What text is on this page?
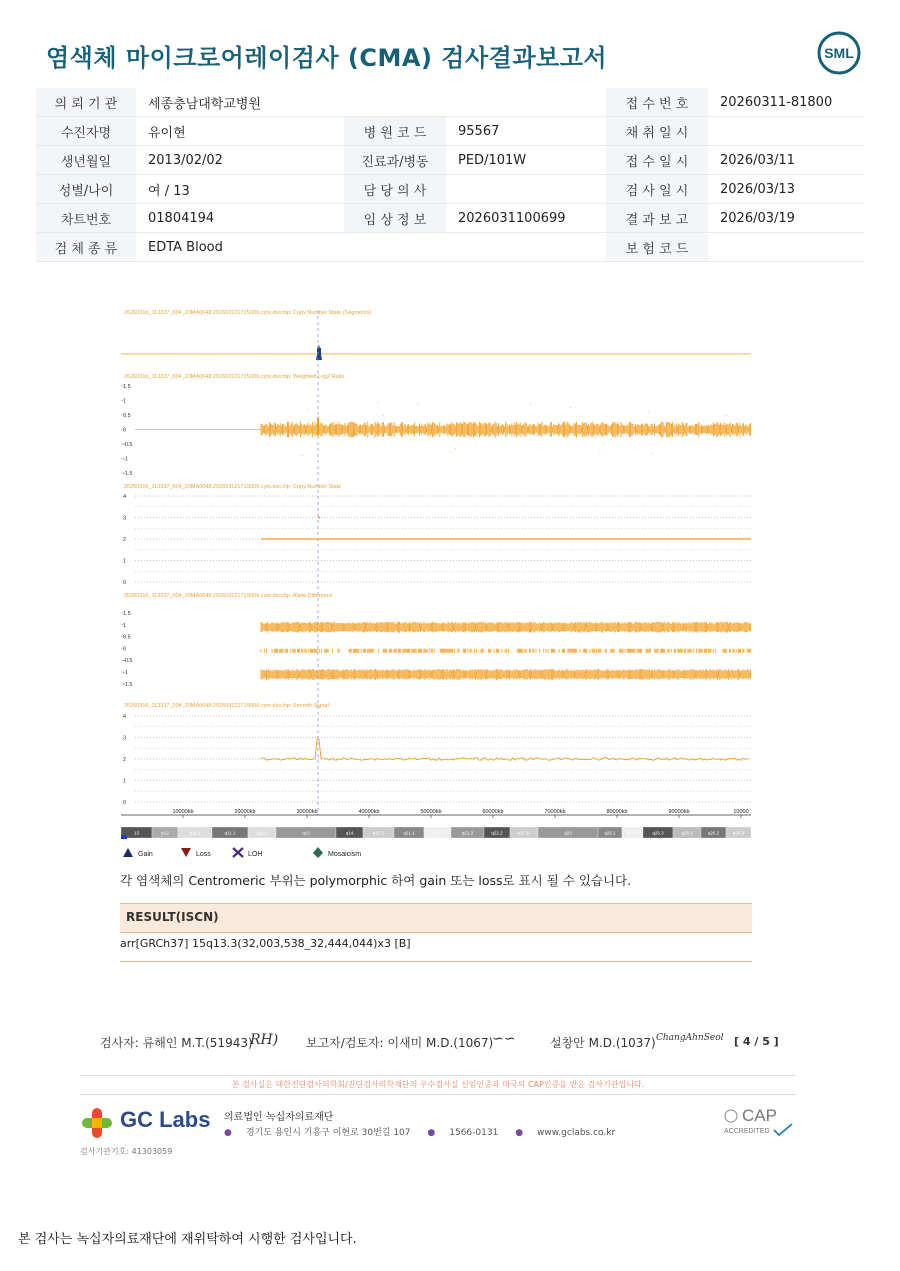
염색체 마이크로어레이검사 (CMA) 검사결과보고서	SML
의 뢰 기 관	세종충남대학교병원			접 수 번 호	20260311-81800
수진자명	유이현	병 원 코 드	95567	채 취 일 시	
생년월일	2013/02/02	진료과/병동	PED/101W	접 수 일 시	2026/03/11
성별/나이	여 / 13	담 당 의 사		검 사 일 시	2026/03/13
차트번호	01804194	임 상 정 보	2026031100699	결 과 보 고	2026/03/19
검 체 종 류	EDTA Blood			보 험 코 드	
20260316_113337_004_20MA0048.20260312171S006.cyto.dscchp: Copy Number State (Segments)
20260316_113337_004_20MA0048.20260312171S006.cyto.dscchp: Weighted Log2 Ratio
20260316_113337_004_20MA0048.20260312171S006.cyto.dscchp: Copy Number State
20260316_113337_004_20MA0048.20260312171S006.cyto.dscchp: Allele Difference
20260316_113337_004_20MA0048.20260312171S006.cyto.dscchp: Smooth Signal
1.5
1
0.5
0
-0.5
-1
-1.5
4
3
2
1
0
1.5
1
0.5
0
-0.5
-1
-1.5
4
3
2
1
0
10000kb	20000kb	30000kb	40000kb	50000kb	60000kb	70000kb	80000kb	90000kb	10000
13	p12	p11.2	q11.1	q11.2	q13	q14	q15.1	q21.1	q21.2	q21.3	q22.2	q22.31	q23	q25.1 q25.2	q25.3	q26.1	q26.2	q26.3
Gain	Loss	LOH	Mosaicism
각 염색체의 Centromeric 부위는 polymorphic 하여 gain 또는 loss로 표시 될 수 있습니다.
RESULT(ISCN)
arr[GRCh37] 15q13.3(32,003,538_32,444,044)x3 [B]
검사자: 류해인 M.T.(51943)
RH) 보고자/검토자: 이새미 M.D.(1067)
∽∽	설창안 M.D.(1037) ChangAhnSeol [ 4 / 5 ]
본 검사실은 대한진단검사의학회/진단검사의학재단의 우수검사실 신임인증과 미국의 CAP인증을 받은 검사기관입니다.
GC Labs 의료법인 녹십자의료재단
● 경기도 용인시 기흥구 이현로 30번길 107 ● 1566-0131 ● www.gclabs.co.kr
검사기관기호: 41303059
CAP
ACCREDITED
본 검사는 녹십자의료재단에 재위탁하여 시행한 검사입니다.
